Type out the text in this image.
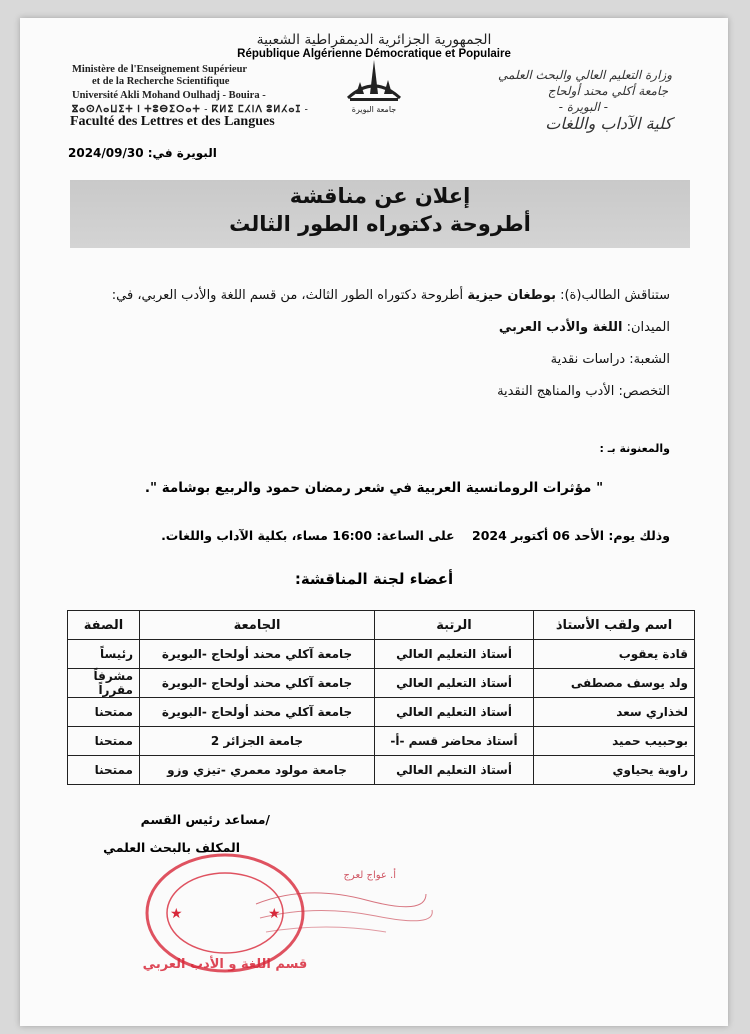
الجمهورية الجزائرية الديمقراطية الشعبية
République Algérienne Démocratique et Populaire
Ministère de l'Enseignement Supérieur
et de la Recherche Scientifique
Université Akli Mohand Oulhadj - Bouira -
ⴵⴰⵙⴷⴰⵡⵉⵜ ⵏ ⵜⵓⴱⵉⵔⴰⵜ - ⴽⵍⵉ ⵎⵃⵏⴷ ⵓⵍⵃⴰⵊ -
Faculté des Lettres et des Langues
جامعة البويرة
وزارة التعليم العالي والبحث العلمي
جامعة أكلي محند أولحاج
- البويرة -
كلية الآداب واللغات
2024/09/30 البويرة في:
إعلان عن مناقشة
أطروحة دكتوراه الطور الثالث
ستناقش الطالب(ة): بوطغان حيزية أطروحة دكتوراه الطور الثالث، من قسم اللغة والأدب العربي، في:
الميدان: اللغة والأدب العربي
الشعبة: دراسات نقدية
التخصص: الأدب والمناهج النقدية
والمعنونة بـ :
" مؤثرات الرومانسية العربية في شعر رمضان حمود والربيع بوشامة ".
وذلك يوم: الأحد 06 أكتوبر 2024    على الساعة: 16:00 مساء، بكلية الآداب واللغات.
أعضاء لجنة المناقشة:
اسم ولقب الأستاذ	الرتبة	الجامعة	الصفة
قادة يعقوب	أستاذ التعليم العالي	جامعة آكلي محند أولحاج -البويرة	رئيساً
ولد يوسف مصطفى	أستاذ التعليم العالي	جامعة آكلي محند أولحاج -البويرة	مشرفاً مقرراً
لخذاري سعد	أستاذ التعليم العالي	جامعة آكلي محند أولحاج -البويرة	ممتحنا
بوحبيب حميد	أستاذ محاضر قسم -أ-	جامعة الجزائر 2	ممتحنا
راوية يحياوي	أستاذ التعليم العالي	جامعة مولود معمري -تيزي وزو	ممتحنا
/مساعد رئيس القسم
المكلف بالبحث العلمي
قسم اللغة و الأدب العربي
★	★
أ. عواج لعرج
